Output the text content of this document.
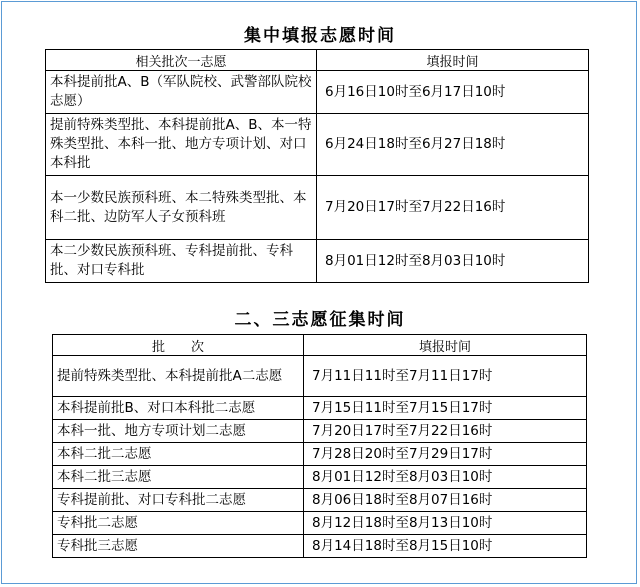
集中填报志愿时间
相关批次一志愿	填报时间
本科提前批A、B（军队院校、武警部队院校志愿）	6月16日10时至6月17日10时
提前特殊类型批、本科提前批A、B、本一特殊类型批、本科一批、地方专项计划、对口本科批	6月24日18时至6月27日18时
本一少数民族预科班、本二特殊类型批、本科二批、边防军人子女预科班	7月20日17时至7月22日16时
本二少数民族预科班、专科提前批、专科批、对口专科批	8月01日12时至8月03日10时
二、三志愿征集时间
批　　次	填报时间
提前特殊类型批、本科提前批A二志愿	7月11日11时至7月11日17时
本科提前批B、对口本科批二志愿	7月15日11时至7月15日17时
本科一批、地方专项计划二志愿	7月20日17时至7月22日16时
本科二批二志愿	7月28日20时至7月29日17时
本科二批三志愿	8月01日12时至8月03日10时
专科提前批、对口专科批二志愿	8月06日18时至8月07日16时
专科批二志愿	8月12日18时至8月13日10时
专科批三志愿	8月14日18时至8月15日10时
